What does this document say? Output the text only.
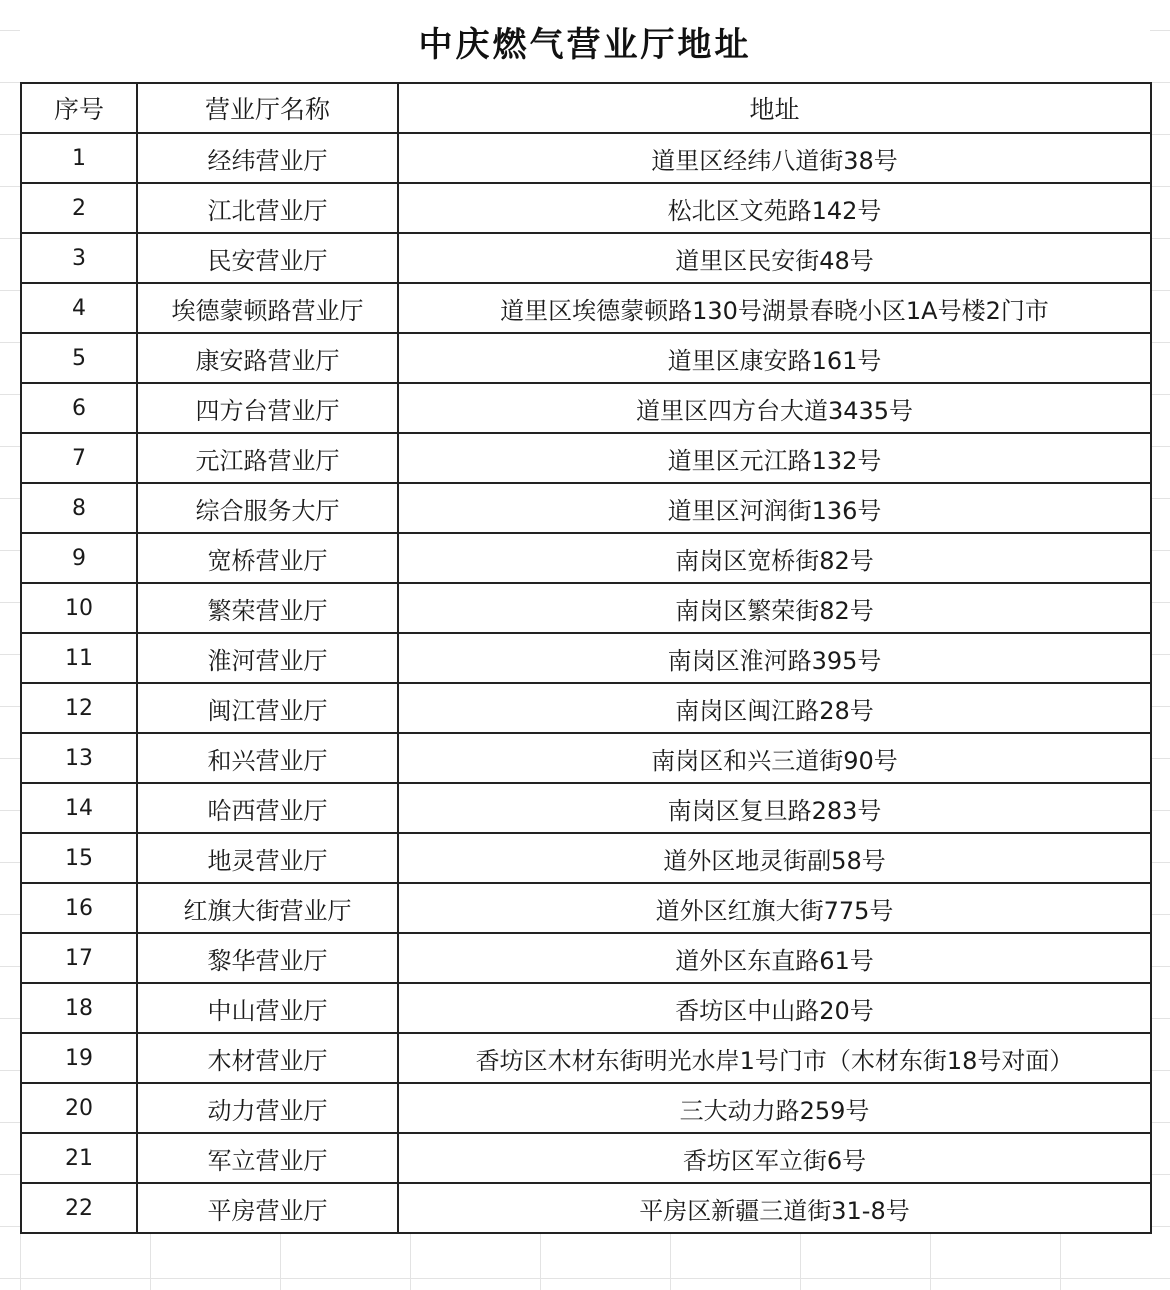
中庆燃气营业厅地址
序号	营业厅名称	地址
1	经纬营业厅	道里区经纬八道街38号
2	江北营业厅	松北区文苑路142号
3	民安营业厅	道里区民安街48号
4	埃德蒙顿路营业厅	道里区埃德蒙顿路130号湖景春晓小区1A号楼2门市
5	康安路营业厅	道里区康安路161号
6	四方台营业厅	道里区四方台大道3435号
7	元江路营业厅	道里区元江路132号
8	综合服务大厅	道里区河润街136号
9	宽桥营业厅	南岗区宽桥街82号
10	繁荣营业厅	南岗区繁荣街82号
11	淮河营业厅	南岗区淮河路395号
12	闽江营业厅	南岗区闽江路28号
13	和兴营业厅	南岗区和兴三道街90号
14	哈西营业厅	南岗区复旦路283号
15	地灵营业厅	道外区地灵街副58号
16	红旗大街营业厅	道外区红旗大街775号
17	黎华营业厅	道外区东直路61号
18	中山营业厅	香坊区中山路20号
19	木材营业厅	香坊区木材东街明光水岸1号门市（木材东街18号对面）
20	动力营业厅	三大动力路259号
21	军立营业厅	香坊区军立街6号
22	平房营业厅	平房区新疆三道街31-8号
